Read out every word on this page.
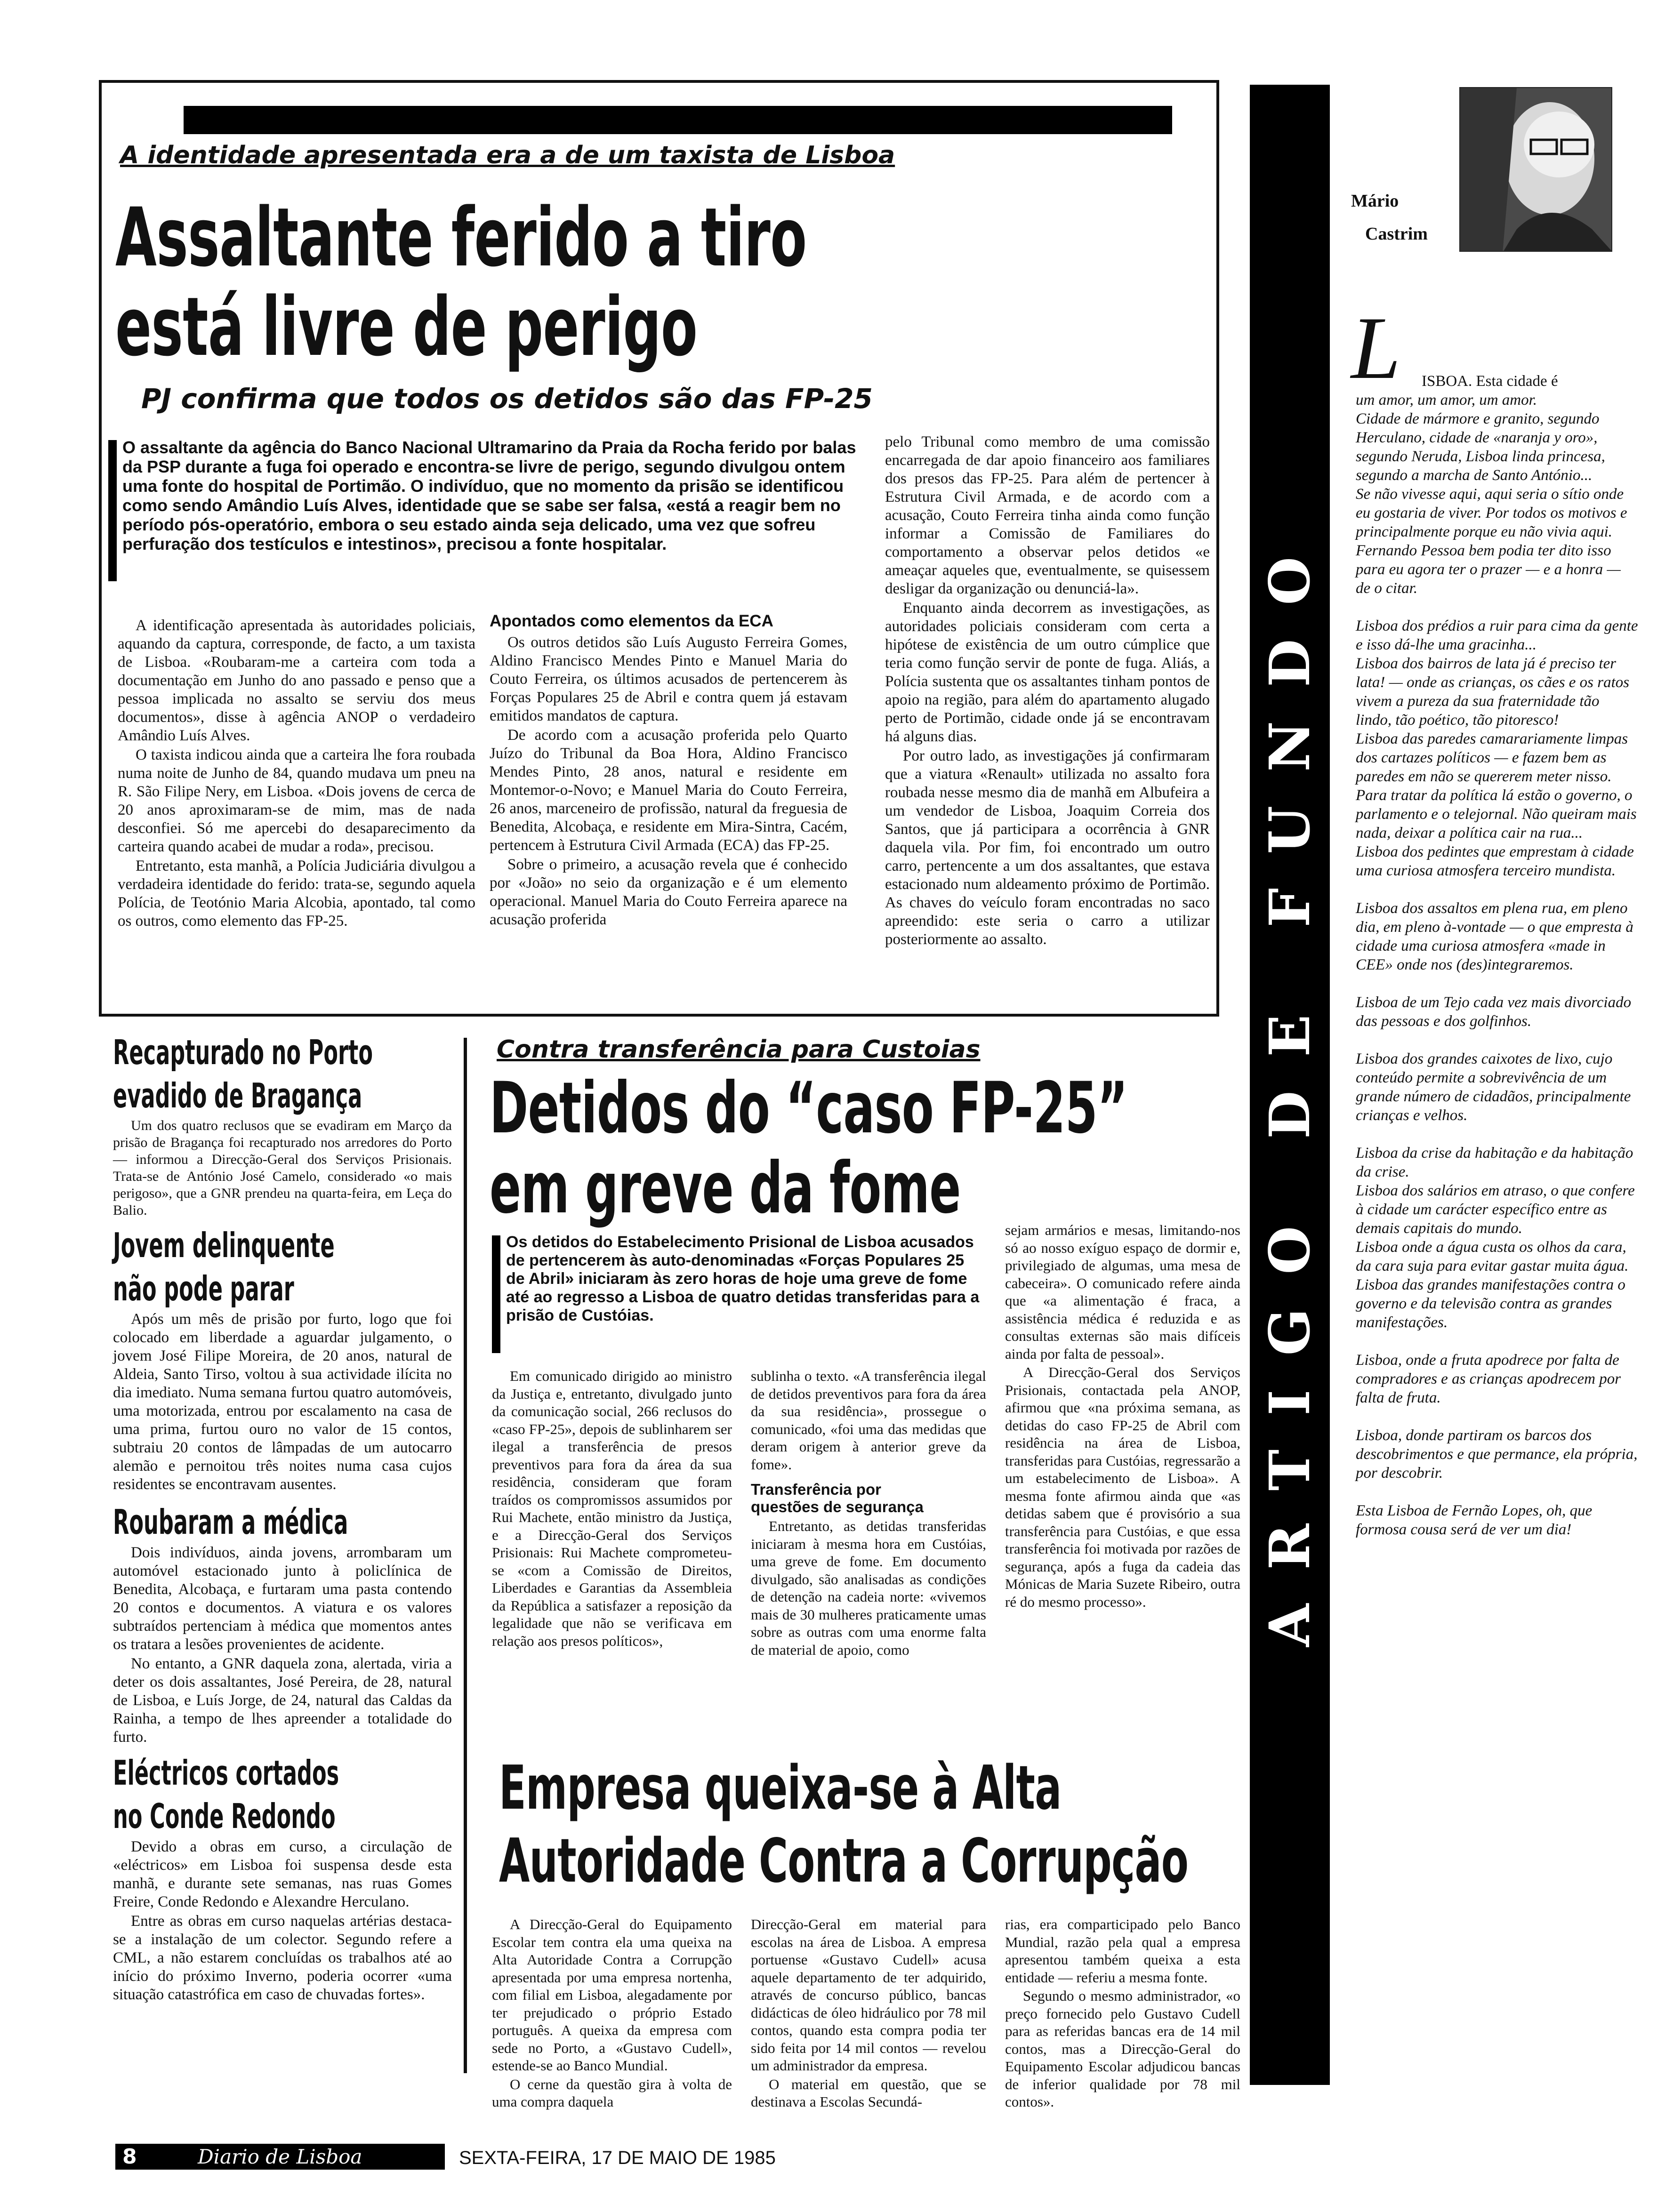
A identidade apresentada era a de um taxista de Lisboa
Assaltante ferido a tiro
está livre de perigo
PJ confirma que todos os detidos são das FP-25
O assaltante da agência do Banco Nacional Ultramarino da Praia da Rocha ferido por balas da PSP durante a fuga foi operado e encontra-se livre de perigo, segundo divulgou ontem uma fonte do hospital de Portimão. O indivíduo, que no momento da prisão se identificou como sendo Amândio Luís Alves, identidade que se sabe ser falsa, «está a reagir bem no período pós-operatório, embora o seu estado ainda seja delicado, uma vez que sofreu perfuração dos testículos e intestinos», precisou a fonte hospitalar.

A identificação apresentada às autoridades policiais, aquando da captura, corresponde, de facto, a um taxista de Lisboa. «Roubaram-me a carteira com toda a documentação em Junho do ano passado e penso que a pessoa implicada no assalto se serviu dos meus documentos», disse à agência ANOP o verdadeiro Amândio Luís Alves.

O taxista indicou ainda que a carteira lhe fora roubada numa noite de Junho de 84, quando mudava um pneu na R. São Filipe Nery, em Lisboa. «Dois jovens de cerca de 20 anos aproximaram-se de mim, mas de nada desconfiei. Só me apercebi do desaparecimento da carteira quando acabei de mudar a roda», precisou.

Entretanto, esta manhã, a Polícia Judiciária divulgou a verdadeira identidade do ferido: trata-se, segundo aquela Polícia, de Teotónio Maria Alcobia, apontado, tal como os outros, como elemento das FP-25.

Apontados como elementos da ECA

Os outros detidos são Luís Augusto Ferreira Gomes, Aldino Francisco Mendes Pinto e Manuel Maria do Couto Ferreira, os últimos acusados de pertencerem às Forças Populares 25 de Abril e contra quem já estavam emitidos mandatos de captura.

De acordo com a acusação proferida pelo Quarto Juízo do Tribunal da Boa Hora, Aldino Francisco Mendes Pinto, 28 anos, natural e residente em Montemor-o-Novo; e Manuel Maria do Couto Ferreira, 26 anos, marceneiro de profissão, natural da freguesia de Benedita, Alcobaça, e residente em Mira-Sintra, Cacém, pertencem à Estrutura Civil Armada (ECA) das FP-25.

Sobre o primeiro, a acusação revela que é conhecido por «João» no seio da organização e é um elemento operacional. Manuel Maria do Couto Ferreira aparece na acusação proferida

pelo Tribunal como membro de uma comissão encarregada de dar apoio financeiro aos familiares dos presos das FP-25. Para além de pertencer à Estrutura Civil Armada, e de acordo com a acusação, Couto Ferreira tinha ainda como função informar a Comissão de Familiares do comportamento a observar pelos detidos «e ameaçar aqueles que, eventualmente, se quisessem desligar da organização ou denunciá-la».

Enquanto ainda decorrem as investigações, as autoridades policiais consideram com certa a hipótese de existência de um outro cúmplice que teria como função servir de ponte de fuga. Aliás, a Polícia sustenta que os assaltantes tinham pontos de apoio na região, para além do apartamento alugado perto de Portimão, cidade onde já se encontravam há alguns dias.

Por outro lado, as investigações já confirmaram que a viatura «Renault» utilizada no assalto fora roubada nesse mesmo dia de manhã em Albufeira a um vendedor de Lisboa, Joaquim Correia dos Santos, que já participara a ocorrência à GNR daquela vila. Por fim, foi encontrado um outro carro, pertencente a um dos assaltantes, que estava estacionado num aldeamento próximo de Portimão. As chaves do veículo foram encontradas no saco apreendido: este seria o carro a utilizar posteriormente ao assalto.

Recapturado no Porto
evadido de Bragança

Um dos quatro reclusos que se evadiram em Março da prisão de Bragança foi recapturado nos arredores do Porto — informou a Direcção-Geral dos Serviços Prisionais. Trata-se de António José Camelo, considerado «o mais perigoso», que a GNR prendeu na quarta-feira, em Leça do Balio.

Jovem delinquente
não pode parar

Após um mês de prisão por furto, logo que foi colocado em liberdade a aguardar julgamento, o jovem José Filipe Moreira, de 20 anos, natural de Aldeia, Santo Tirso, voltou à sua actividade ilícita no dia imediato. Numa semana furtou quatro automóveis, uma motorizada, entrou por escalamento na casa de uma prima, furtou ouro no valor de 15 contos, subtraiu 20 contos de lâmpadas de um autocarro alemão e pernoitou três noites numa casa cujos residentes se encontravam ausentes.

Roubaram a médica

Dois indivíduos, ainda jovens, arrombaram um automóvel estacionado junto à policlínica de Benedita, Alcobaça, e furtaram uma pasta contendo 20 contos e documentos. A viatura e os valores subtraídos pertenciam à médica que momentos antes os tratara a lesões provenientes de acidente.

No entanto, a GNR daquela zona, alertada, viria a deter os dois assaltantes, José Pereira, de 28, natural de Lisboa, e Luís Jorge, de 24, natural das Caldas da Rainha, a tempo de lhes apreender a totalidade do furto.

Eléctricos cortados
no Conde Redondo

Devido a obras em curso, a circulação de «eléctricos» em Lisboa foi suspensa desde esta manhã, e durante sete semanas, nas ruas Gomes Freire, Conde Redondo e Alexandre Herculano.

Entre as obras em curso naquelas artérias destaca-se a instalação de um colector. Segundo refere a CML, a não estarem concluídas os trabalhos até ao início do próximo Inverno, poderia ocorrer «uma situação catastrófica em caso de chuvadas fortes».

Contra transferência para Custoias
Detidos do “caso FP-25”
em greve da fome
Os detidos do Estabelecimento Prisional de Lisboa acusados de pertencerem às auto-denominadas «Forças Populares 25 de Abril» iniciaram às zero horas de hoje uma greve de fome até ao regresso a Lisboa de quatro detidas transferidas para a prisão de Custóias.

Em comunicado dirigido ao ministro da Justiça e, entretanto, divulgado junto da comunicação social, 266 reclusos do «caso FP-25», depois de sublinharem ser ilegal a transferência de presos preventivos para fora da área da sua residência, consideram que foram traídos os compromissos assumidos por Rui Machete, então ministro da Justiça, e a Direcção-Geral dos Serviços Prisionais: Rui Machete comprometeu-se «com a Comissão de Direitos, Liberdades e Garantias da Assembleia da República a satisfazer a reposição da legalidade que não se verificava em relação aos presos políticos»,

sublinha o texto. «A transferência ilegal de detidos preventivos para fora da área da sua residência», prossegue o comunicado, «foi uma das medidas que deram origem à anterior greve da fome».

Transferência por
questões de segurança

Entretanto, as detidas transferidas iniciaram à mesma hora em Custóias, uma greve de fome. Em documento divulgado, são analisadas as condições de detenção na cadeia norte: «vivemos mais de 30 mulheres praticamente umas sobre as outras com uma enorme falta de material de apoio, como

sejam armários e mesas, limitando-nos só ao nosso exíguo espaço de dormir e, privilegiado de algumas, uma mesa de cabeceira». O comunicado refere ainda que «a alimentação é fraca, a assistência médica é reduzida e as consultas externas são mais difíceis ainda por falta de pessoal».

A Direcção-Geral dos Serviços Prisionais, contactada pela ANOP, afirmou que «na próxima semana, as detidas do caso FP-25 de Abril com residência na área de Lisboa, transferidas para Custóias, regressarão a um estabelecimento de Lisboa». A mesma fonte afirmou ainda que «as detidas sabem que é provisório a sua transferência para Custóias, e que essa transferência foi motivada por razões de segurança, após a fuga da cadeia das Mónicas de Maria Suzete Ribeiro, outra ré do mesmo processo».

Empresa queixa-se à Alta
Autoridade Contra a Corrupção

A Direcção-Geral do Equipamento Escolar tem contra ela uma queixa na Alta Autoridade Contra a Corrupção apresentada por uma empresa nortenha, com filial em Lisboa, alegadamente por ter prejudicado o próprio Estado português. A queixa da empresa com sede no Porto, a «Gustavo Cudell», estende-se ao Banco Mundial.

O cerne da questão gira à volta de uma compra daquela

Direcção-Geral em material para escolas na área de Lisboa. A empresa portuense «Gustavo Cudell» acusa aquele departamento de ter adquirido, através de concurso público, bancas didácticas de óleo hidráulico por 78 mil contos, quando esta compra podia ter sido feita por 14 mil contos — revelou um administrador da empresa.

O material em questão, que se destinava a Escolas Secundá-

rias, era comparticipado pelo Banco Mundial, razão pela qual a empresa apresentou também queixa a esta entidade — referiu a mesma fonte.

Segundo o mesmo administrador, «o preço fornecido pelo Gustavo Cudell para as referidas bancas era de 14 mil contos, mas a Direcção-Geral do Equipamento Escolar adjudicou bancas de inferior qualidade por 78 mil contos».

ARTIGO DE FUNDO
Mário
Castrim
L ISBOA. Esta cidade é

um amor, um amor, um amor.

Cidade de mármore e granito, segundo Herculano, cidade de «naranja y oro», segundo Neruda, Lisboa linda princesa, segundo a marcha de Santo António...

Se não vivesse aqui, aqui seria o sítio onde eu gostaria de viver. Por todos os motivos e principalmente porque eu não vivia aqui. Fernando Pessoa bem podia ter dito isso para eu agora ter o prazer — e a honra — de o citar.

Lisboa dos prédios a ruir para cima da gente e isso dá-lhe uma gracinha...

Lisboa dos bairros de lata já é preciso ter lata! — onde as crianças, os cães e os ratos vivem a pureza da sua fraternidade tão lindo, tão poético, tão pitoresco!

Lisboa das paredes camarariamente limpas dos cartazes políticos — e fazem bem as paredes em não se quererem meter nisso. Para tratar da política lá estão o governo, o parlamento e o telejornal. Não queiram mais nada, deixar a política cair na rua...

Lisboa dos pedintes que emprestam à cidade uma curiosa atmosfera terceiro mundista.

Lisboa dos assaltos em plena rua, em pleno dia, em pleno à-vontade — o que empresta à cidade uma curiosa atmosfera «made in CEE» onde nos (des)integraremos.

Lisboa de um Tejo cada vez mais divorciado das pessoas e dos golfinhos.

Lisboa dos grandes caixotes de lixo, cujo conteúdo permite a sobrevivência de um grande número de cidadãos, principalmente crianças e velhos.

Lisboa da crise da habitação e da habitação da crise.

Lisboa dos salários em atraso, o que confere à cidade um carácter específico entre as demais capitais do mundo.

Lisboa onde a água custa os olhos da cara, da cara suja para evitar gastar muita água.

Lisboa das grandes manifestações contra o governo e da televisão contra as grandes manifestações.

Lisboa, onde a fruta apodrece por falta de compradores e as crianças apodrecem por falta de fruta.

Lisboa, donde partiram os barcos dos descobrimentos e que permance, ela própria, por descobrir.

Esta Lisboa de Fernão Lopes, oh, que formosa cousa será de ver um dia!

8	Diario de Lisboa	SEXTA-FEIRA, 17 DE MAIO DE 1985
